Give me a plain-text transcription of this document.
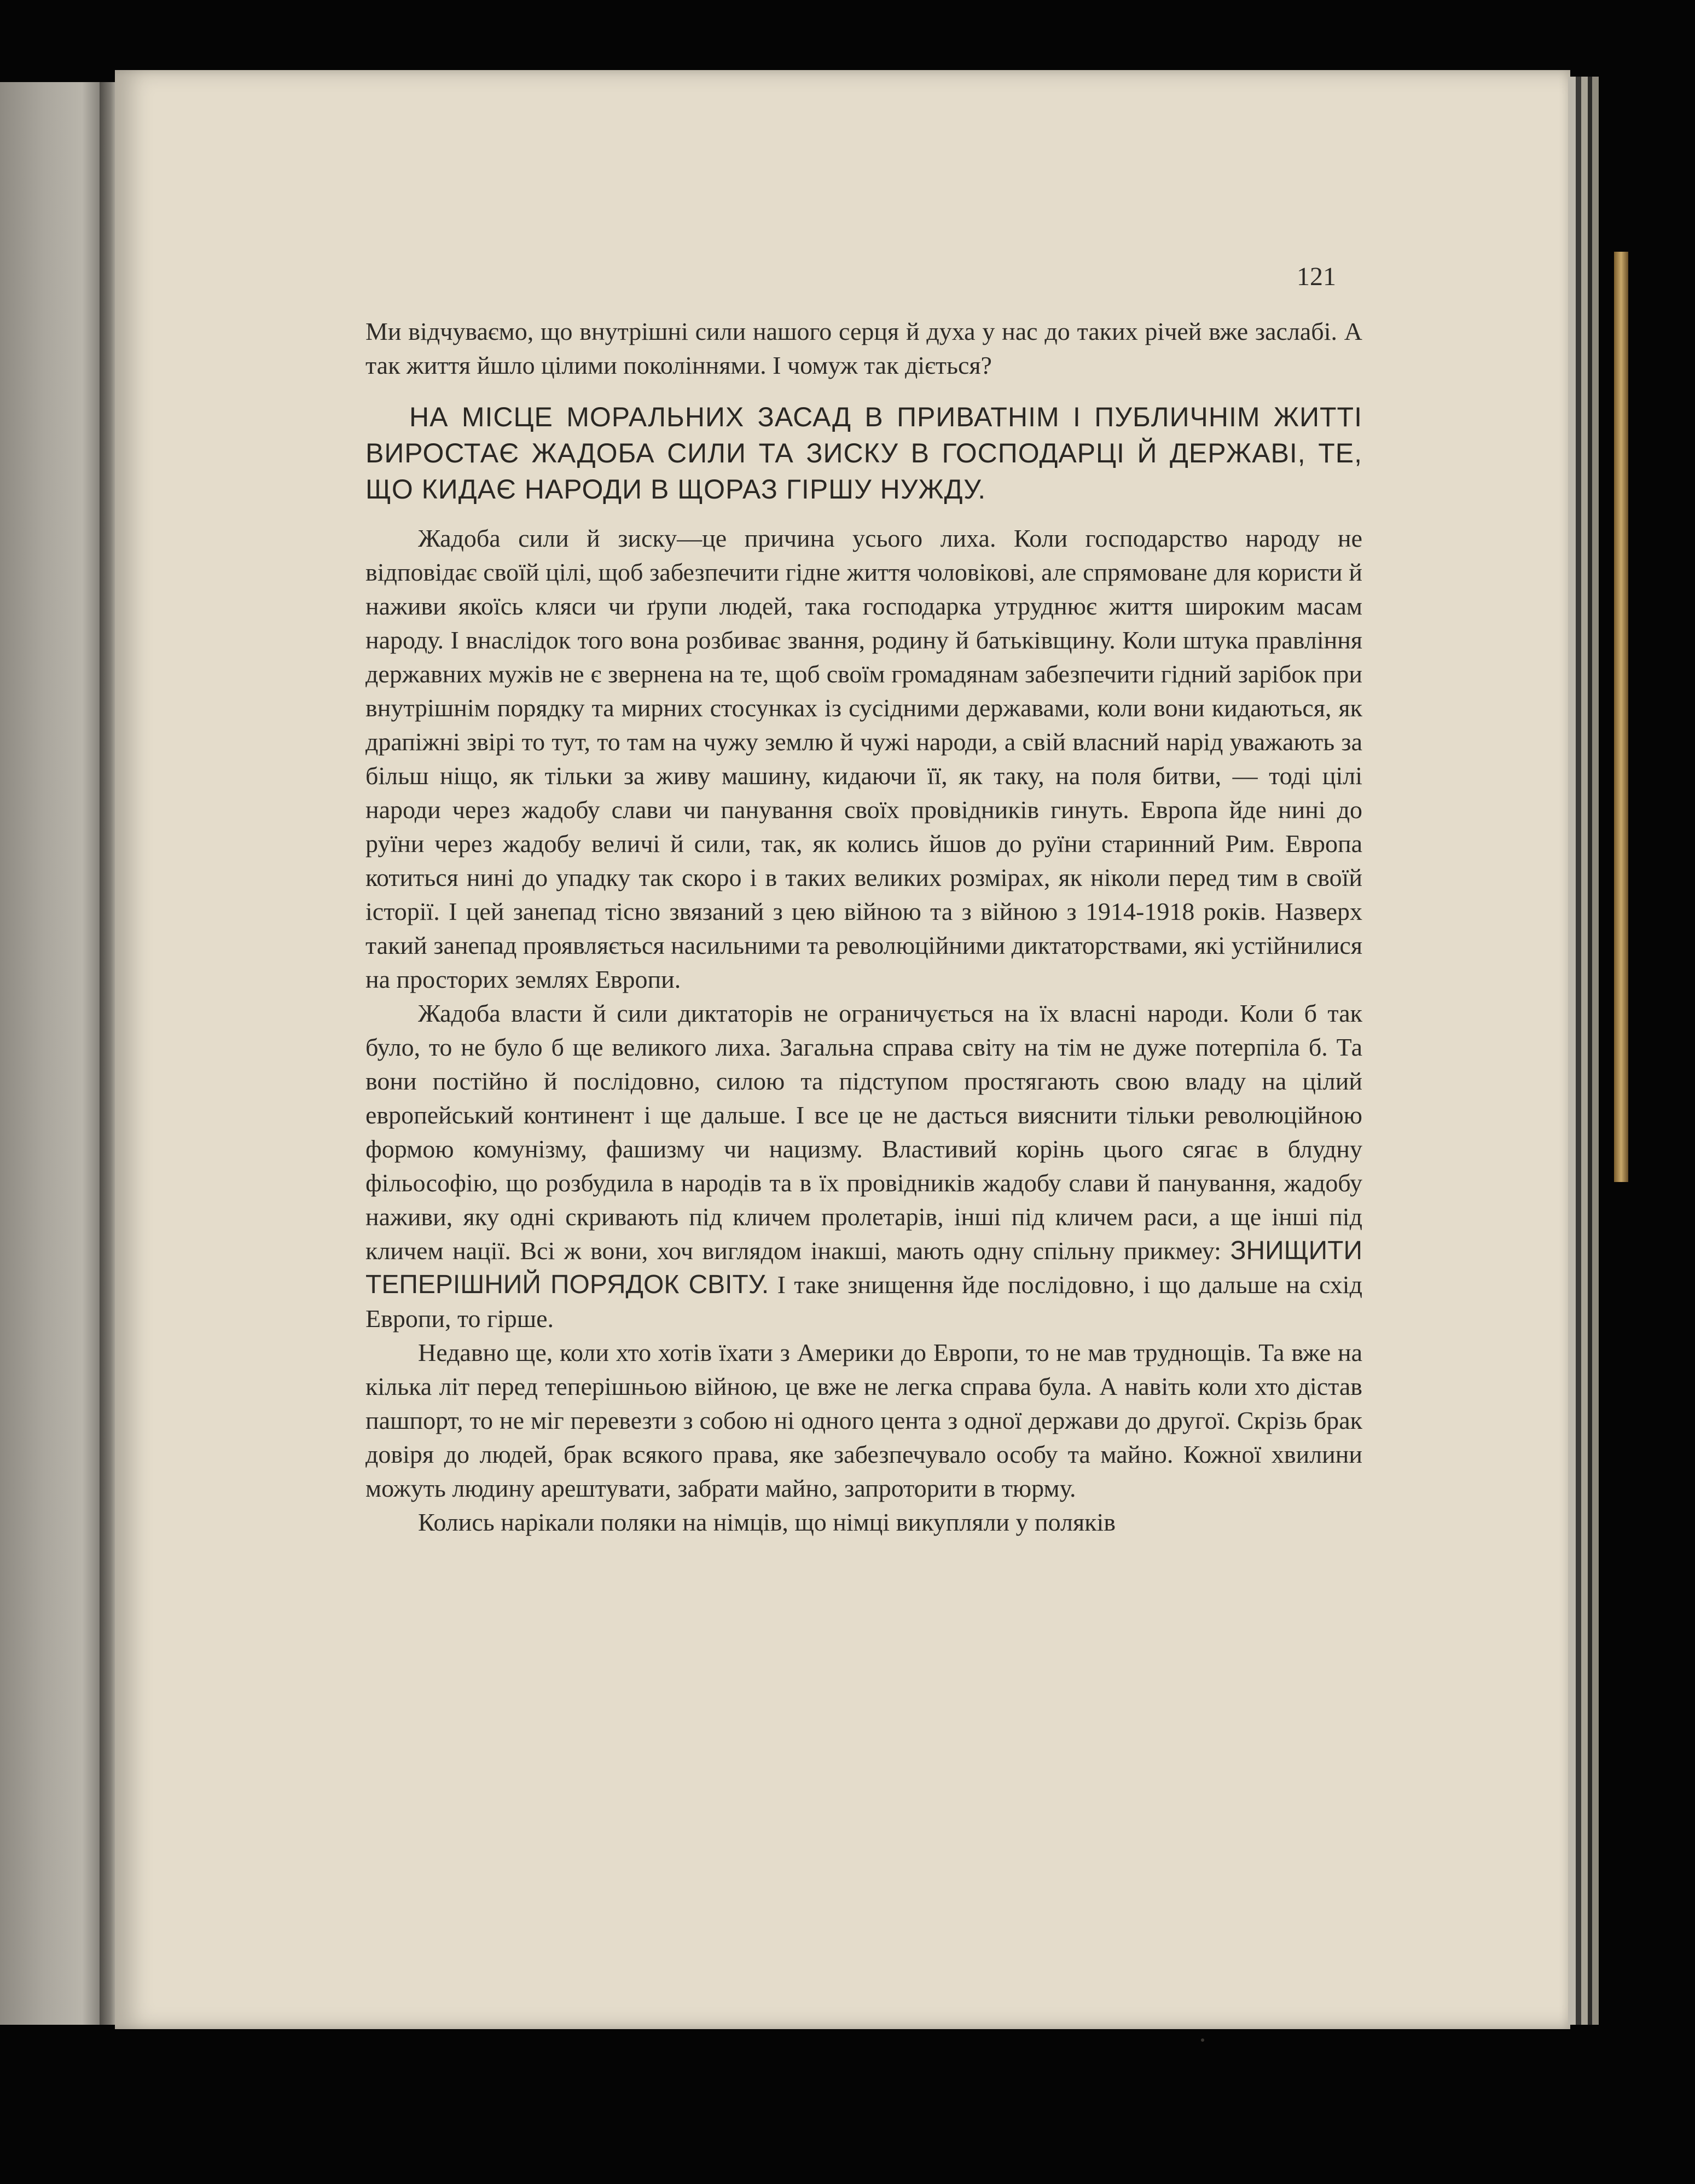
121

Ми відчуваємо, що внутрішні сили нашого серця й духа у нас до таких річей вже заслабі. А так життя йшло цілими поколіннями. І чомуж так діється?

НА МІСЦЕ МОРАЛЬНИХ ЗАСАД В ПРИВАТНІМ І ПУБЛИЧНІМ ЖИТТІ ВИРОСТАЄ ЖАДОБА СИЛИ ТА ЗИСКУ В ГОСПОДАРЦІ Й ДЕРЖАВІ, ТЕ, ЩО КИДАЄ НАРОДИ В ЩОРАЗ ГІРШУ НУЖДУ.

Жадоба сили й зиску—це причина усього лиха. Коли господарство народу не відповідає своїй цілі, щоб забезпечити гідне життя чоловікові, але спрямоване для користи й наживи якоїсь кляси чи ґрупи людей, така господарка утруднює життя широким масам народу. І внаслідок того вона розбиває звання, родину й батьківщину. Коли штука правління державних мужів не є звернена на те, щоб своїм громадянам забезпечити гідний зарібок при внутрішнім порядку та мирних стосунках із сусідними державами, коли вони кидаються, як драпіжні звірі то тут, то там на чужу землю й чужі народи, а свій власний нарід уважають за більш ніщо, як тільки за живу машину, кидаючи її, як таку, на поля битви, — тоді цілі народи через жадобу слави чи панування своїх провідників гинуть. Европа йде нині до руїни через жадобу величі й сили, так, як колись йшов до руїни старинний Рим. Европа котиться нині до упадку так скоро і в таких великих розмірах, як ніколи перед тим в своїй історії. І цей занепад тісно звязаний з цею війною та з війною з 1914-1918 років. Назверх такий занепад проявляється насильними та революційними диктаторствами, які устійнилися на просторих землях Европи.

Жадоба власти й сили диктаторів не ограничується на їх власні народи. Коли б так було, то не було б ще великого лиха. Загальна справа світу на тім не дуже потерпіла б. Та вони постійно й послідовно, силою та підступом простягають свою владу на цілий европейський континент і ще дальше. І все це не дасться вияснити тільки революційною формою комунізму, фашизму чи нацизму. Властивий корінь цього сягає в блудну фільософію, що розбудила в народів та в їх провідників жадобу слави й панування, жадобу наживи, яку одні скривають під кличем пролетарів, інші під кличем раси, а ще інші під кличем нації. Всі ж вони, хоч виглядом інакші, мають одну спільну прикмеу: ЗНИЩИТИ ТЕПЕРІШНИЙ ПОРЯДОК СВІТУ. І таке знищення йде послідовно, і що дальше на схід Европи, то гірше.

Недавно ще, коли хто хотів їхати з Америки до Европи, то не мав труднощів. Та вже на кілька літ перед теперішньою війною, це вже не легка справа була. А навіть коли хто дістав пашпорт, то не міг перевезти з собою ні одного цента з одної держави до другої. Скрізь брак довіря до людей, брак всякого права, яке забезпечувало особу та майно. Кожної хвилини можуть людину арештувати, забрати майно, запроторити в тюрму.

Колись нарікали поляки на німців, що німці викупляли у поляків
